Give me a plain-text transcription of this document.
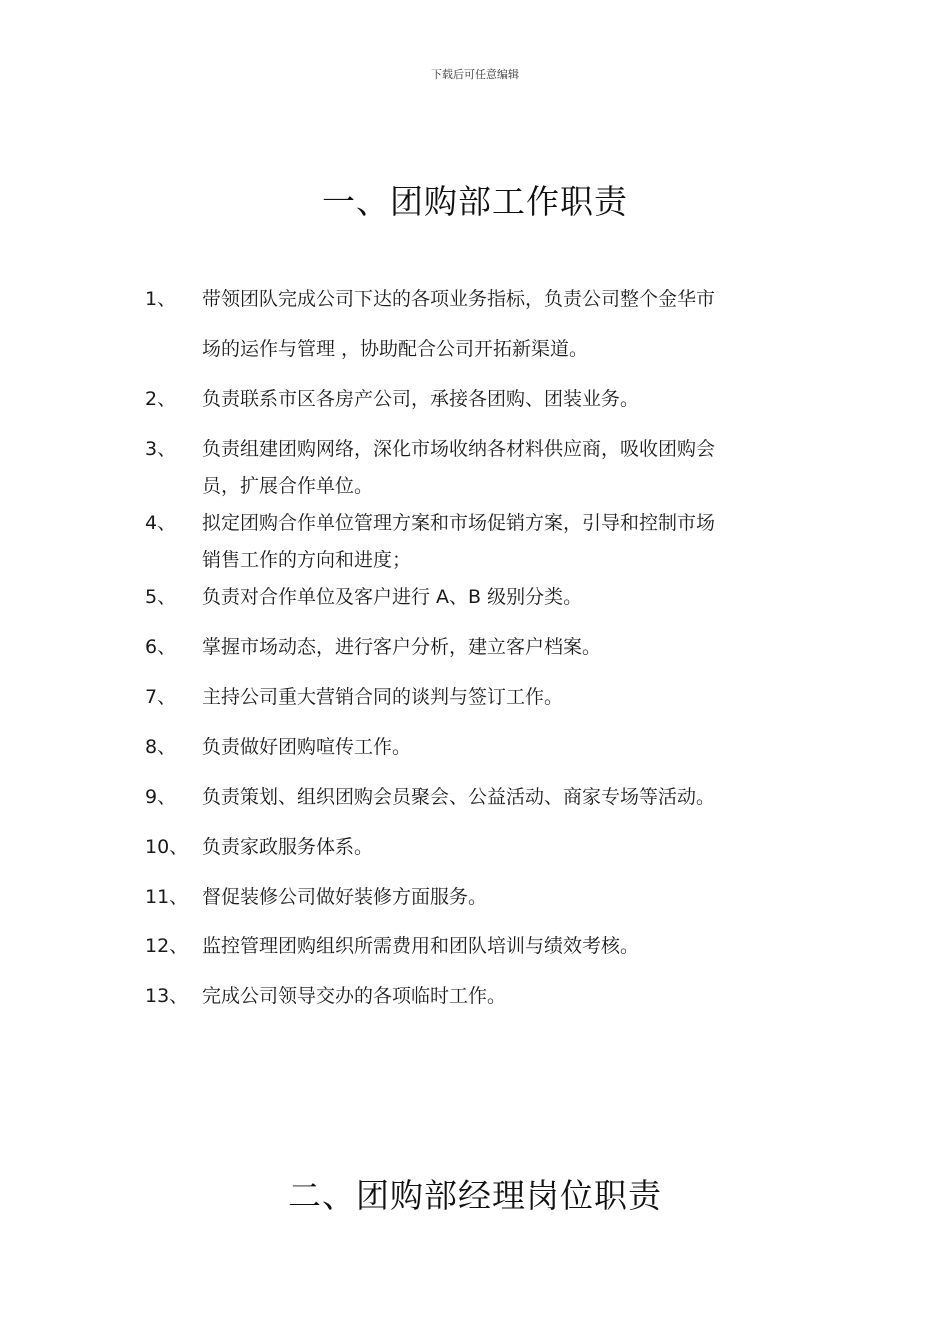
下载后可任意编辑
一、团购部工作职责
1、 带领团队完成公司下达的各项业务指标，负责公司整个金华市
场的运作与管理 ，协助配合公司开拓新渠道。
2、 负责联系市区各房产公司，承接各团购、团装业务。
3、 负责组建团购网络，深化市场收纳各材料供应商，吸收团购会
员，扩展合作单位。
4、 拟定团购合作单位管理方案和市场促销方案，引导和控制市场
销售工作的方向和进度；
5、 负责对合作单位及客户进行 A、B 级别分类。
6、 掌握市场动态，进行客户分析，建立客户档案。
7、 主持公司重大营销合同的谈判与签订工作。
8、 负责做好团购喧传工作。
9、 负责策划、组织团购会员聚会、公益活动、商家专场等活动。
10、 负责家政服务体系。
11、 督促装修公司做好装修方面服务。
12、 监控管理团购组织所需费用和团队培训与绩效考核。
13、 完成公司领导交办的各项临时工作。
二、团购部经理岗位职责
